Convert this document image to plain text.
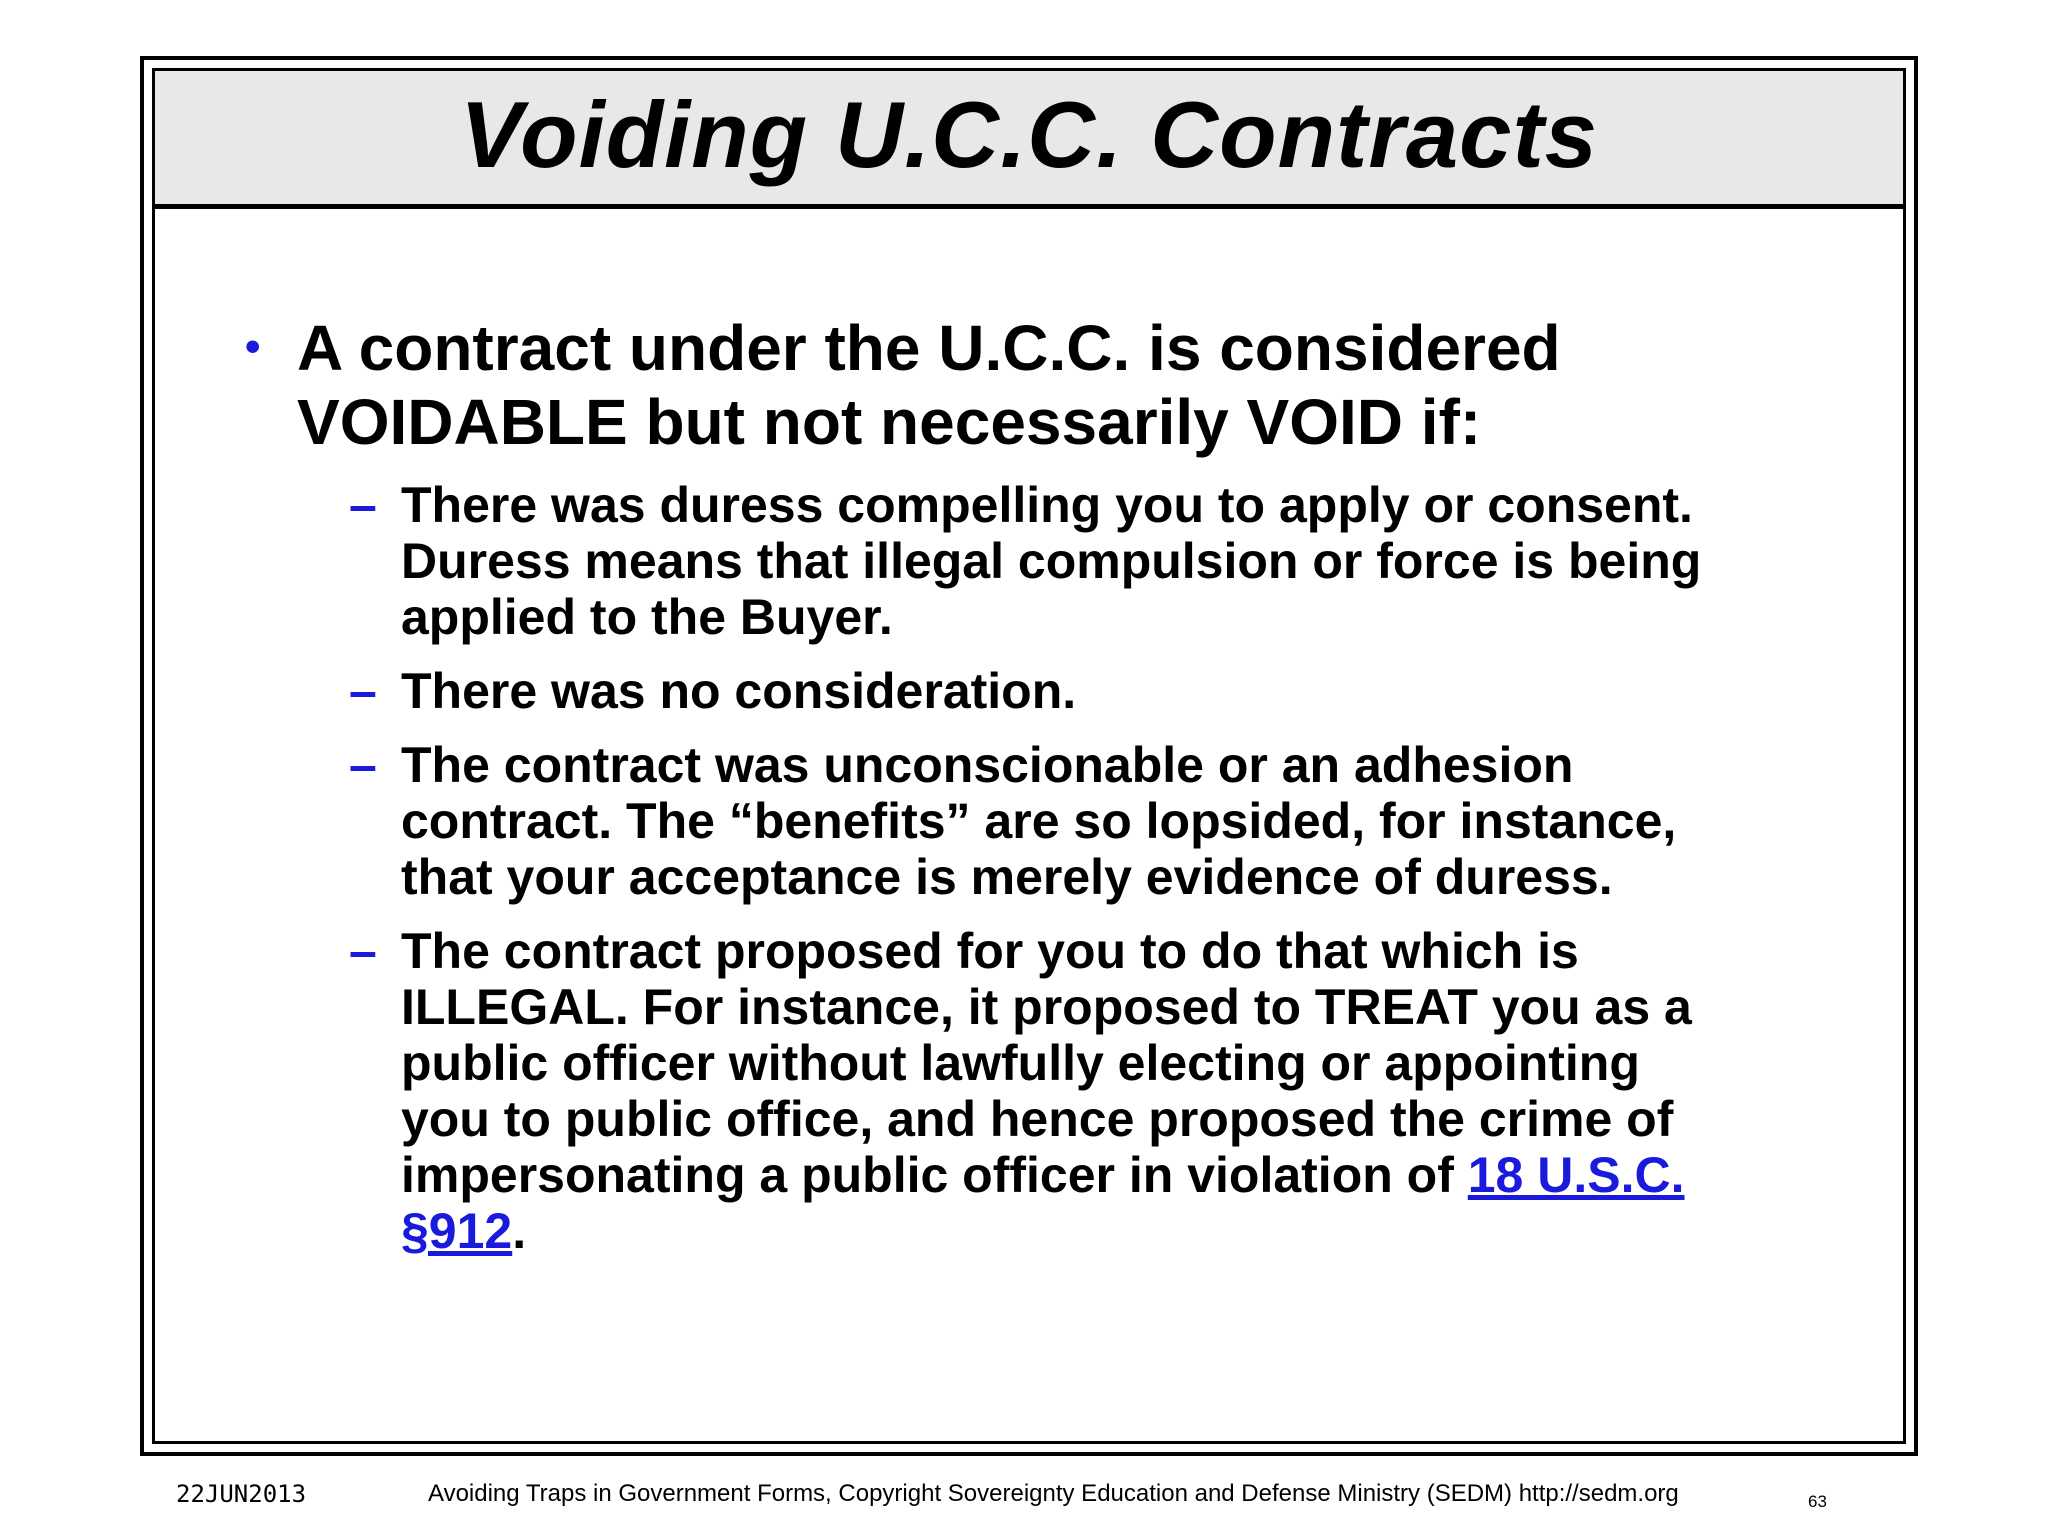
Voiding U.C.C. Contracts
• A contract under the U.C.C. is considered VOIDABLE but not necessarily VOID if:
– There was duress compelling you to apply or consent. Duress means that illegal compulsion or force is being applied to the Buyer.
– There was no consideration.
– The contract was unconscionable or an adhesion contract. The “benefits” are so lopsided, for instance, that your acceptance is merely evidence of duress.
– The contract proposed for you to do that which is ILLEGAL. For instance, it proposed to TREAT you as a public officer without lawfully electing or appointing you to public office, and hence proposed the crime of impersonating a public officer in violation of 18 U.S.C. §912.
22JUN2013	Avoiding Traps in Government Forms, Copyright Sovereignty Education and Defense Ministry (SEDM) http://sedm.org	63
